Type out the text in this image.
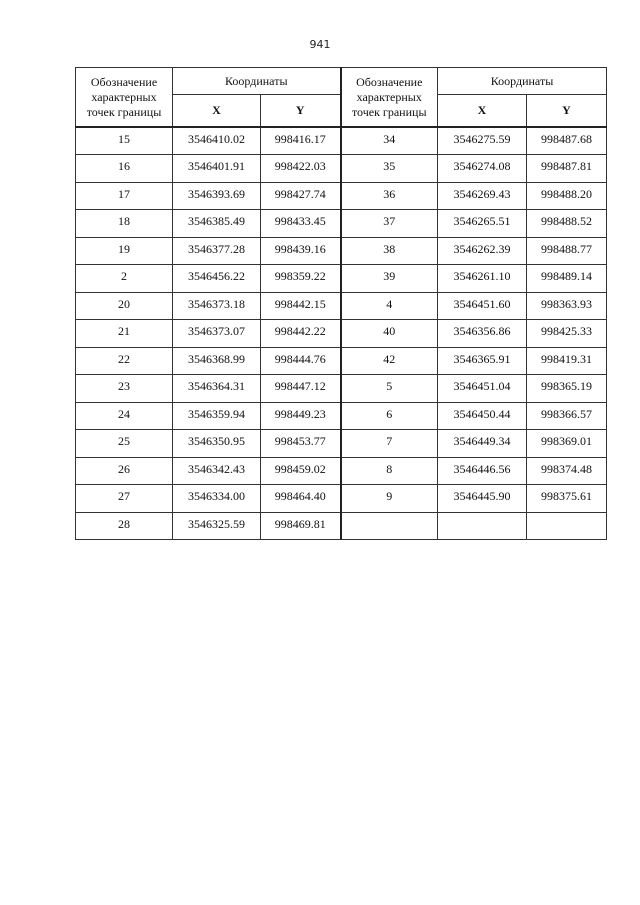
941
Обозначение характерных точек границы	Координаты		Обозначение характерных точек границы	Координаты	
	X	Y		X	Y
15	3546410.02	998416.17	34	3546275.59	998487.68
16	3546401.91	998422.03	35	3546274.08	998487.81
17	3546393.69	998427.74	36	3546269.43	998488.20
18	3546385.49	998433.45	37	3546265.51	998488.52
19	3546377.28	998439.16	38	3546262.39	998488.77
2	3546456.22	998359.22	39	3546261.10	998489.14
20	3546373.18	998442.15	4	3546451.60	998363.93
21	3546373.07	998442.22	40	3546356.86	998425.33
22	3546368.99	998444.76	42	3546365.91	998419.31
23	3546364.31	998447.12	5	3546451.04	998365.19
24	3546359.94	998449.23	6	3546450.44	998366.57
25	3546350.95	998453.77	7	3546449.34	998369.01
26	3546342.43	998459.02	8	3546446.56	998374.48
27	3546334.00	998464.40	9	3546445.90	998375.61
28	3546325.59	998469.81			
